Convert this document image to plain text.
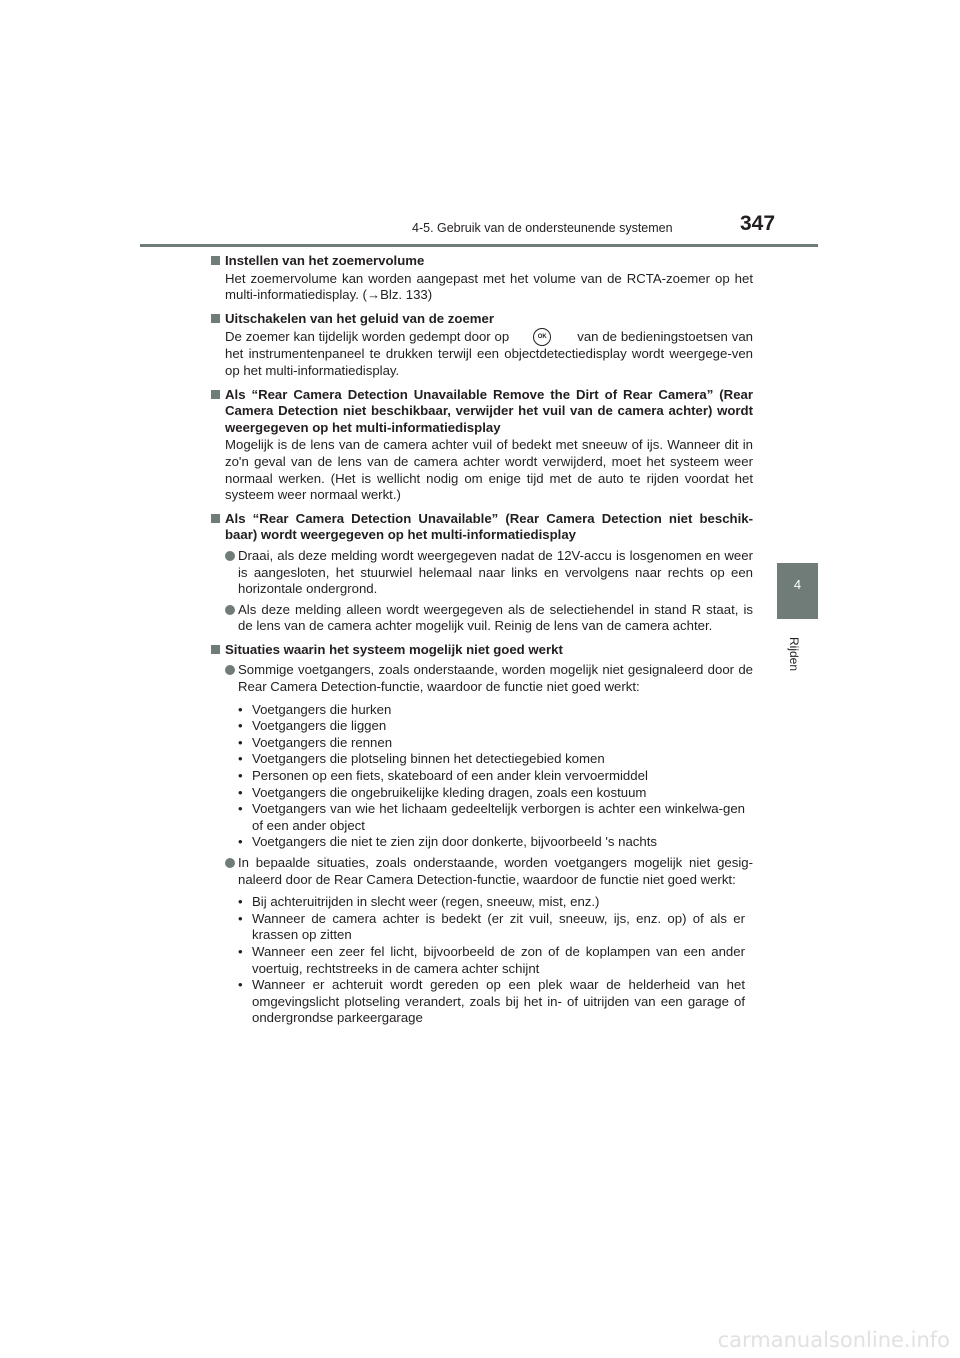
4-5. Gebruik van de ondersteunende systemen	347
4
Rijden
Instellen van het zoemervolume
Het zoemervolume kan worden aangepast met het volume van de RCTA-zoemer op het multi-informatiedisplay. (→Blz. 133)
Uitschakelen van het geluid van de zoemer
De zoemer kan tijdelijk worden gedempt door op	OK van de bedieningstoetsen van het instrumentenpaneel te drukken terwijl een objectdetectiedisplay wordt weergege-ven op het multi-informatiedisplay.
Als “Rear Camera Detection Unavailable Remove the Dirt of Rear Camera” (Rear Camera Detection niet beschikbaar, verwijder het vuil van de camera achter) wordt weergegeven op het multi-informatiedisplay
Mogelijk is de lens van de camera achter vuil of bedekt met sneeuw of ijs. Wanneer dit in zo'n geval van de lens van de camera achter wordt verwijderd, moet het systeem weer normaal werken. (Het is wellicht nodig om enige tijd met de auto te rijden voordat het systeem weer normaal werkt.)
Als “Rear Camera Detection Unavailable” (Rear Camera Detection niet beschik-baar) wordt weergegeven op het multi-informatiedisplay
Draai, als deze melding wordt weergegeven nadat de 12V-accu is losgenomen en weer is aangesloten, het stuurwiel helemaal naar links en vervolgens naar rechts op een horizontale ondergrond.
Als deze melding alleen wordt weergegeven als de selectiehendel in stand R staat, is de lens van de camera achter mogelijk vuil. Reinig de lens van de camera achter.
Situaties waarin het systeem mogelijk niet goed werkt
Sommige voetgangers, zoals onderstaande, worden mogelijk niet gesignaleerd door de Rear Camera Detection-functie, waardoor de functie niet goed werkt:
• Voetgangers die hurken
• Voetgangers die liggen
• Voetgangers die rennen
• Voetgangers die plotseling binnen het detectiegebied komen
• Personen op een fiets, skateboard of een ander klein vervoermiddel
• Voetgangers die ongebruikelijke kleding dragen, zoals een kostuum
• Voetgangers van wie het lichaam gedeeltelijk verborgen is achter een winkelwa-gen of een ander object
• Voetgangers die niet te zien zijn door donkerte, bijvoorbeeld 's nachts
In bepaalde situaties, zoals onderstaande, worden voetgangers mogelijk niet gesig-naleerd door de Rear Camera Detection-functie, waardoor de functie niet goed werkt:
• Bij achteruitrijden in slecht weer (regen, sneeuw, mist, enz.)
• Wanneer de camera achter is bedekt (er zit vuil, sneeuw, ijs, enz. op) of als er krassen op zitten
• Wanneer een zeer fel licht, bijvoorbeeld de zon of de koplampen van een ander voertuig, rechtstreeks in de camera achter schijnt
• Wanneer er achteruit wordt gereden op een plek waar de helderheid van het omgevingslicht plotseling verandert, zoals bij het in- of uitrijden van een garage of ondergrondse parkeergarage
carmanualsonline.info
